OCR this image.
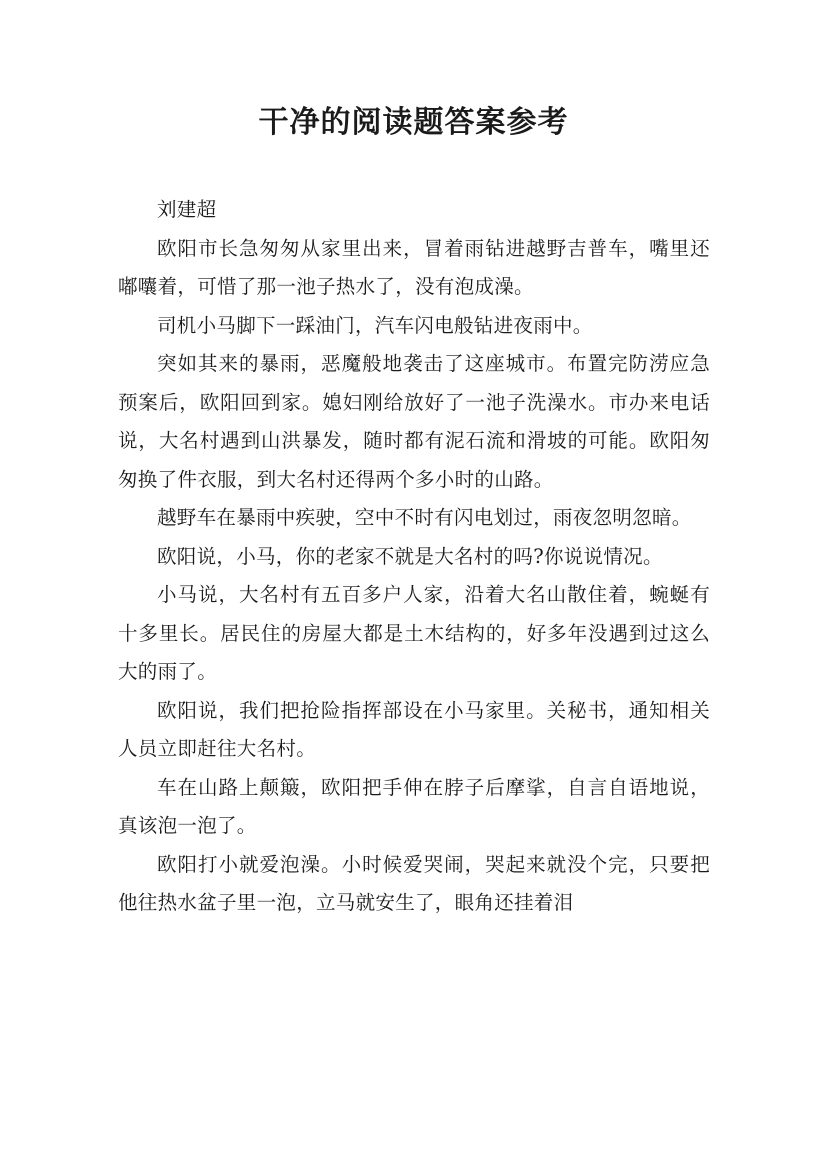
干净的阅读题答案参考

刘建超

欧阳市长急匆匆从家里出来，冒着雨钻进越野吉普车，嘴里还嘟囔着，可惜了那一池子热水了，没有泡成澡。

司机小马脚下一踩油门，汽车闪电般钻进夜雨中。

突如其来的暴雨，恶魔般地袭击了这座城市。布置完防涝应急预案后，欧阳回到家。媳妇刚给放好了一池子洗澡水。市办来电话说，大名村遇到山洪暴发，随时都有泥石流和滑坡的可能。欧阳匆匆换了件衣服，到大名村还得两个多小时的山路。

越野车在暴雨中疾驶，空中不时有闪电划过，雨夜忽明忽暗。

欧阳说，小马，你的老家不就是大名村的吗?你说说情况。

小马说，大名村有五百多户人家，沿着大名山散住着，蜿蜒有十多里长。居民住的房屋大都是土木结构的，好多年没遇到过这么大的雨了。

欧阳说，我们把抢险指挥部设在小马家里。关秘书，通知相关人员立即赶往大名村。

车在山路上颠簸，欧阳把手伸在脖子后摩挲，自言自语地说，真该泡一泡了。

欧阳打小就爱泡澡。小时候爱哭闹，哭起来就没个完，只要把他往热水盆子里一泡，立马就安生了，眼角还挂着泪
